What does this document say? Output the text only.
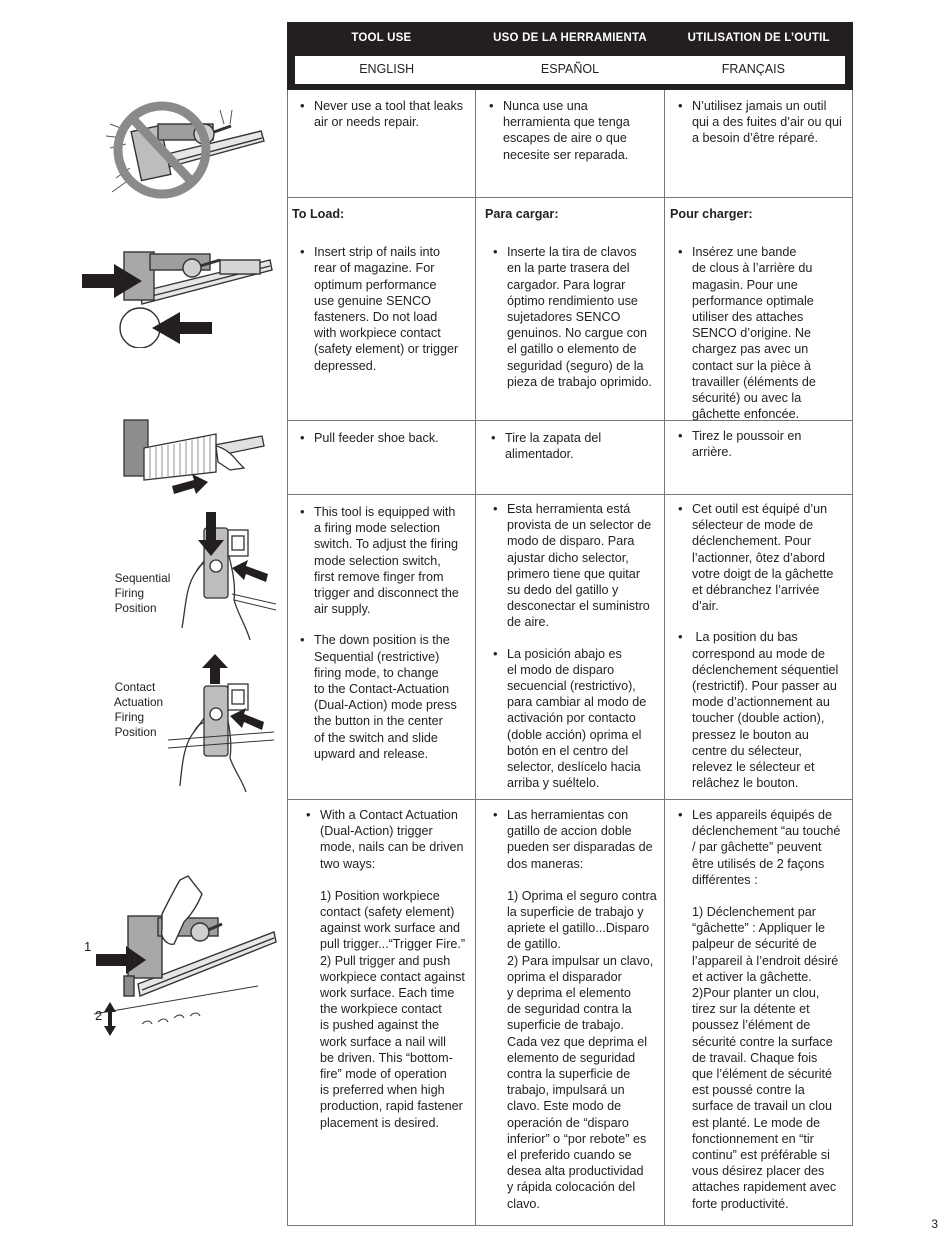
TOOL USE	USO DE LA HERRAMIENTA	UTILISATION DE L’OUTIL
ENGLISH	ESPAÑOL	FRANÇAIS
• Never use a tool that leaks
air or needs repair.
• Nunca use una
herramienta que tenga
escapes de aire o que
necesite ser reparada.
• N’utilisez jamais un outil
qui a des fuites d’air ou qui
a besoin d’être réparé.
To Load:
• Insert strip of nails into
rear of magazine. For
optimum performance
use genuine SENCO
fasteners. Do not load
with workpiece contact
(safety element) or trigger
depressed.
Para cargar:
• Inserte la tira de clavos
en la parte trasera del
cargador. Para lograr
óptimo rendimiento use
sujetadores SENCO
genuinos. No cargue con
el gatillo o elemento de
seguridad (seguro) de la
pieza de trabajo oprimido.
Pour charger:
• Insérez une bande
de clous à l’arrière du
magasin. Pour une
performance optimale
utiliser des attaches
SENCO d’origine. Ne
chargez pas avec un
contact sur la pièce à
travailler (éléments de
sécurité) ou avec la
gâchette enfoncée.
• Pull feeder shoe back.
•	Tire la zapata del
alimentador.
• Tirez le poussoir en
arrière.
• This tool is equipped with
a firing mode selection
switch. To adjust the firing
mode selection switch,
first remove finger from
trigger and disconnect the
air supply.
• The down position is the
Sequential (restrictive)
firing mode, to change
to the Contact-Actuation
(Dual-Action) mode press
the button in the center
of the switch and slide
upward and release.
• Esta herramienta está
provista de un selector de
modo de disparo. Para
ajustar dicho selector,
primero tiene que quitar
su dedo del gatillo y
desconectar el suministro
de aire.
• La posición abajo es
el modo de disparo
secuencial (restrictivo),
para cambiar al modo de
activación por contacto
(doble acción) oprima el
botón en el centro del
selector, deslícelo hacia
arriba y suéltelo.
• Cet outil est équipé d’un
sélecteur de mode de
déclenchement. Pour
l’actionner, ôtez d’abord
votre doigt de la gâchette
et débranchez l’arrivée
d’air.
•  La position du bas
correspond au mode de
déclenchement séquentiel
(restrictif). Pour passer au
mode d’actionnement au
toucher (double action),
pressez le bouton au
centre du sélecteur,
relevez le sélecteur et
relâchez le bouton.
• With a Contact Actuation
(Dual-Action) trigger
mode, nails can be driven
two ways:
1) Position workpiece
contact (safety element)
against work surface and
pull trigger...“Trigger Fire.”
2) Pull trigger and push
workpiece contact against
work surface. Each time
the workpiece contact
is pushed against the
work surface a nail will
be driven. This “bottom-
fire” mode of operation
is preferred when high
production, rapid fastener
placement is desired.
• Las herramientas con
gatillo de accion doble
pueden ser disparadas de
dos maneras:
1) Oprima el seguro contra
la superficie de trabajo y
apriete el gatillo...Disparo
de gatillo.
2) Para impulsar un clavo,
oprima el disparador
y deprima el elemento
de seguridad contra la
superficie de trabajo.
Cada vez que deprima el
elemento de seguridad
contra la superficie de
trabajo, impulsará un
clavo. Este modo de
operación de “disparo
inferior” o “por rebote” es
el preferido cuando se
desea alta productividad
y rápida colocación del
clavo.
• Les appareils équipés de
déclenchement “au touché
/ par gâchette” peuvent
être utilisés de 2 façons
différentes :
1) Déclenchement par
“gâchette” : Appliquer le
palpeur de sécurité de
l’appareil à l’endroit désiré
et activer la gâchette.
2)Pour planter un clou,
tirez sur la détente et
poussez l’élément de
sécurité contre la surface
de travail. Chaque fois
que l’élément de sécurité
est poussé contre la
surface de travail un clou
est planté. Le mode de
fonctionnement en “tir
continu” est préférable si
vous désirez placer des
attaches rapidement avec
forte productivité.

Sequential
Firing
Position

Contact
Actuation
Firing
Position

1
2
3
